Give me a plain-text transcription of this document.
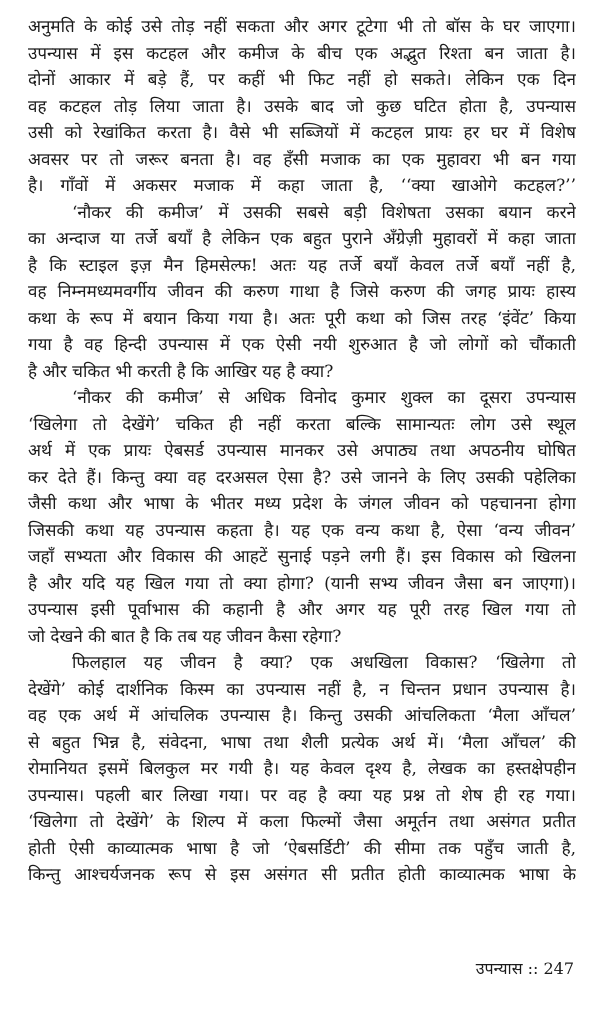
अनुमति के कोई उसे तोड़ नहीं सकता और अगर टूटेगा भी तो बॉस के घर जाएगा।
उपन्यास में इस कटहल और कमीज के बीच एक अद्भुत रिश्ता बन जाता है।
दोनों आकार में बड़े हैं, पर कहीं भी फिट नहीं हो सकते। लेकिन एक दिन
वह कटहल तोड़ लिया जाता है। उसके बाद जो कुछ घटित होता है, उपन्यास
उसी को रेखांकित करता है। वैसे भी सब्जियों में कटहल प्रायः हर घर में विशेष
अवसर पर तो जरूर बनता है। वह हँसी मजाक का एक मुहावरा भी बन गया
है। गाँवों में अकसर मजाक में कहा जाता है, ‘‘क्या खाओगे कटहल?’’
‘नौकर की कमीज’ में उसकी सबसे बड़ी विशेषता उसका बयान करने
का अन्दाज या तर्जे बयाँ है लेकिन एक बहुत पुराने अँग्रेज़ी मुहावरों में कहा जाता
है कि स्टाइल इज़ मैन हिमसेल्फ! अतः यह तर्जे बयाँ केवल तर्जे बयाँ नहीं है,
वह निम्नमध्यमवर्गीय जीवन की करुण गाथा है जिसे करुण की जगह प्रायः हास्य
कथा के रूप में बयान किया गया है। अतः पूरी कथा को जिस तरह ‘इंवेंट’ किया
गया है वह हिन्दी उपन्यास में एक ऐसी नयी शुरुआत है जो लोगों को चौंकाती
है और चकित भी करती है कि आखिर यह है क्या?
‘नौकर की कमीज’ से अधिक विनोद कुमार शुक्ल का दूसरा उपन्यास
‘खिलेगा तो देखेंगे’ चकित ही नहीं करता बल्कि सामान्यतः लोग उसे स्थूल
अर्थ में एक प्रायः ऐबसर्ड उपन्यास मानकर उसे अपाठ्य तथा अपठनीय घोषित
कर देते हैं। किन्तु क्या वह दरअसल ऐसा है? उसे जानने के लिए उसकी पहेलिका
जैसी कथा और भाषा के भीतर मध्य प्रदेश के जंगल जीवन को पहचानना होगा
जिसकी कथा यह उपन्यास कहता है। यह एक वन्य कथा है, ऐसा ‘वन्य जीवन’
जहाँ सभ्यता और विकास की आहटें सुनाई पड़ने लगी हैं। इस विकास को खिलना
है और यदि यह खिल गया तो क्या होगा? (यानी सभ्य जीवन जैसा बन जाएगा)।
उपन्यास इसी पूर्वाभास की कहानी है और अगर यह पूरी तरह खिल गया तो
जो देखने की बात है कि तब यह जीवन कैसा रहेगा?
फिलहाल यह जीवन है क्या? एक अधखिला विकास? ‘खिलेगा तो
देखेंगे’ कोई दार्शनिक किस्म का उपन्यास नहीं है, न चिन्तन प्रधान उपन्यास है।
वह एक अर्थ में आंचलिक उपन्यास है। किन्तु उसकी आंचलिकता ‘मैला आँचल’
से बहुत भिन्न है, संवेदना, भाषा तथा शैली प्रत्येक अर्थ में। ‘मैला आँचल’ की
रोमानियत इसमें बिलकुल मर गयी है। यह केवल दृश्य है, लेखक का हस्तक्षेपहीन
उपन्यास। पहली बार लिखा गया। पर वह है क्या यह प्रश्न तो शेष ही रह गया।
‘खिलेगा तो देखेंगे’ के शिल्प में कला फिल्मों जैसा अमूर्तन तथा असंगत प्रतीत
होती ऐसी काव्यात्मक भाषा है जो ‘ऐबसर्डिटी’ की सीमा तक पहुँच जाती है,
किन्तु आश्चर्यजनक रूप से इस असंगत सी प्रतीत होती काव्यात्मक भाषा के
उपन्यास :: 247
